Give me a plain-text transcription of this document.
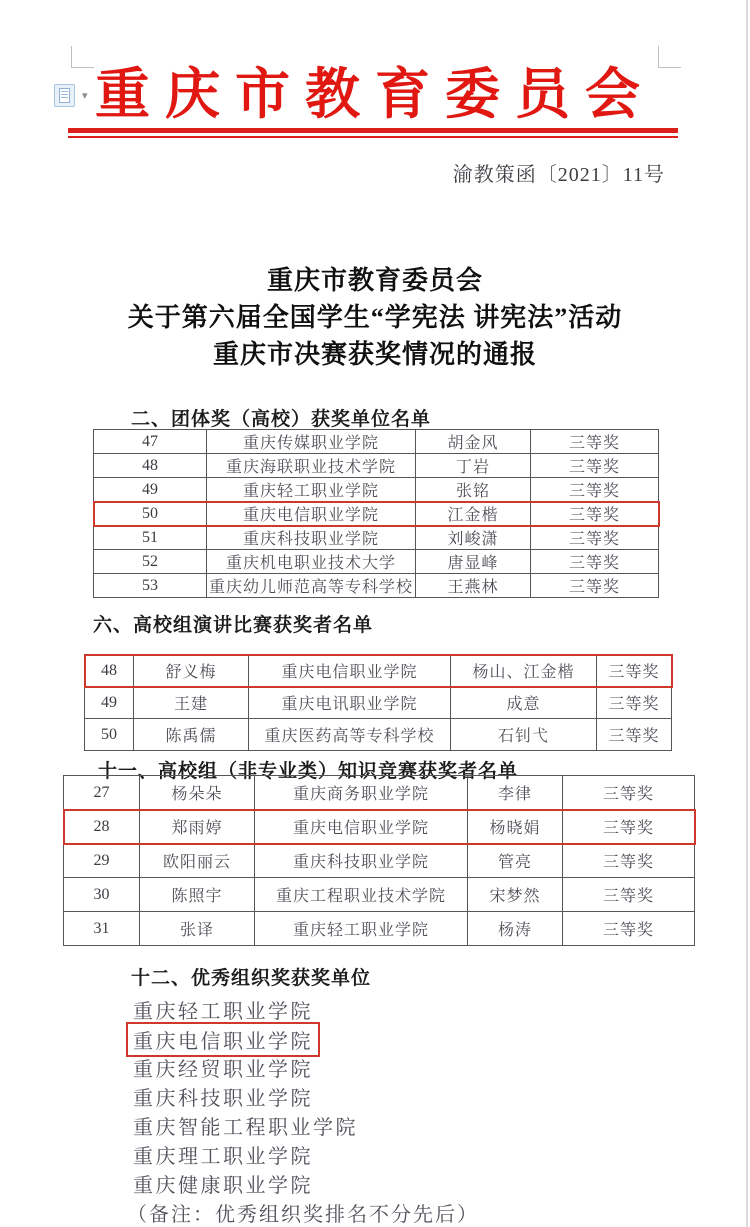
▾ 重庆市教育委员会
渝教策函〔2021〕11号
重庆市教育委员会
关于第六届全国学生“学宪法 讲宪法”活动
重庆市决赛获奖情况的通报
二、团体奖（高校）获奖单位名单
47	重庆传媒职业学院	胡金风	三等奖
48	重庆海联职业技术学院	丁岩	三等奖
49	重庆轻工职业学院	张铭	三等奖
50	重庆电信职业学院	江金楷	三等奖
51	重庆科技职业学院	刘峻潇	三等奖
52	重庆机电职业技术大学	唐显峰	三等奖
53	重庆幼儿师范高等专科学校	王燕林	三等奖
六、高校组演讲比赛获奖者名单
48	舒义梅	重庆电信职业学院	杨山、江金楷	三等奖
49	王建	重庆电讯职业学院	成意	三等奖
50	陈禹儒	重庆医药高等专科学校	石钊弋	三等奖
十一、高校组（非专业类）知识竞赛获奖者名单
27	杨朵朵	重庆商务职业学院	李律	三等奖
28	郑雨婷	重庆电信职业学院	杨晓娟	三等奖
29	欧阳丽云	重庆科技职业学院	管亮	三等奖
30	陈照宇	重庆工程职业技术学院	宋梦然	三等奖
31	张译	重庆轻工职业学院	杨涛	三等奖
十二、优秀组织奖获奖单位
重庆轻工职业学院
重庆电信职业学院
重庆经贸职业学院
重庆科技职业学院
重庆智能工程职业学院
重庆理工职业学院
重庆健康职业学院
（备注：优秀组织奖排名不分先后）
